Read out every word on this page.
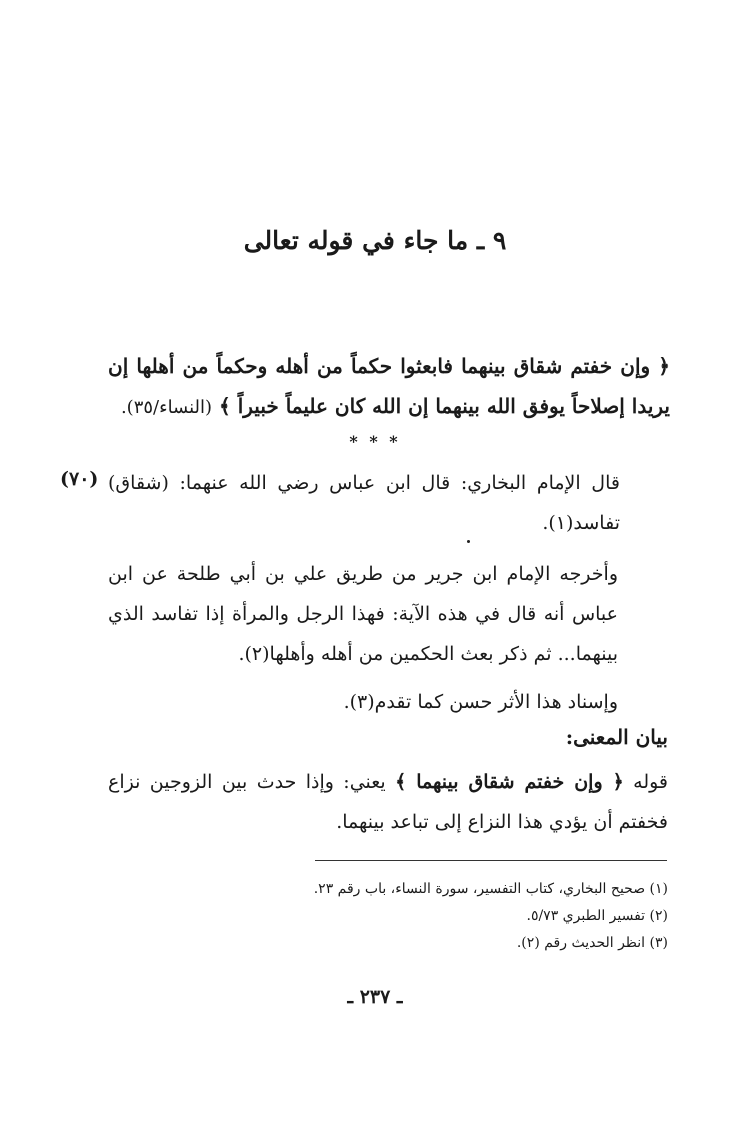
٩ ـ ما جاء في قوله تعالى
﴿ وإن خفتم شقاق بينهما فابعثوا حكماً من أهله وحكماً من أهلها إن يريدا إصلاحاً يوفق الله بينهما إن الله كان عليماً خبيراً ﴾ (النساء/٣٥).
* * *
(٧٠) قال الإمام البخاري: قال ابن عباس رضي الله عنهما: (شقاق) تفاسد(١).
وأخرجه الإمام ابن جرير من طريق علي بن أبي طلحة عن ابن عباس أنه قال في هذه الآية: فهذا الرجل والمرأة إذا تفاسد الذي بينهما... ثم ذكر بعث الحكمين من أهله وأهلها(٢).
وإسناد هذا الأثر حسن كما تقدم(٣).
بيان المعنى:
قوله ﴿ وإن خفتم شقاق بينهما ﴾ يعني: وإذا حدث بين الزوجين نزاع فخفتم أن يؤدي هذا النزاع إلى تباعد بينهما.
(١) صحيح البخاري، كتاب التفسير، سورة النساء، باب رقم ٢٣.
(٢) تفسير الطبري ٥/٧٣.
(٣) انظر الحديث رقم (٢).
ـ ٢٣٧ ـ
